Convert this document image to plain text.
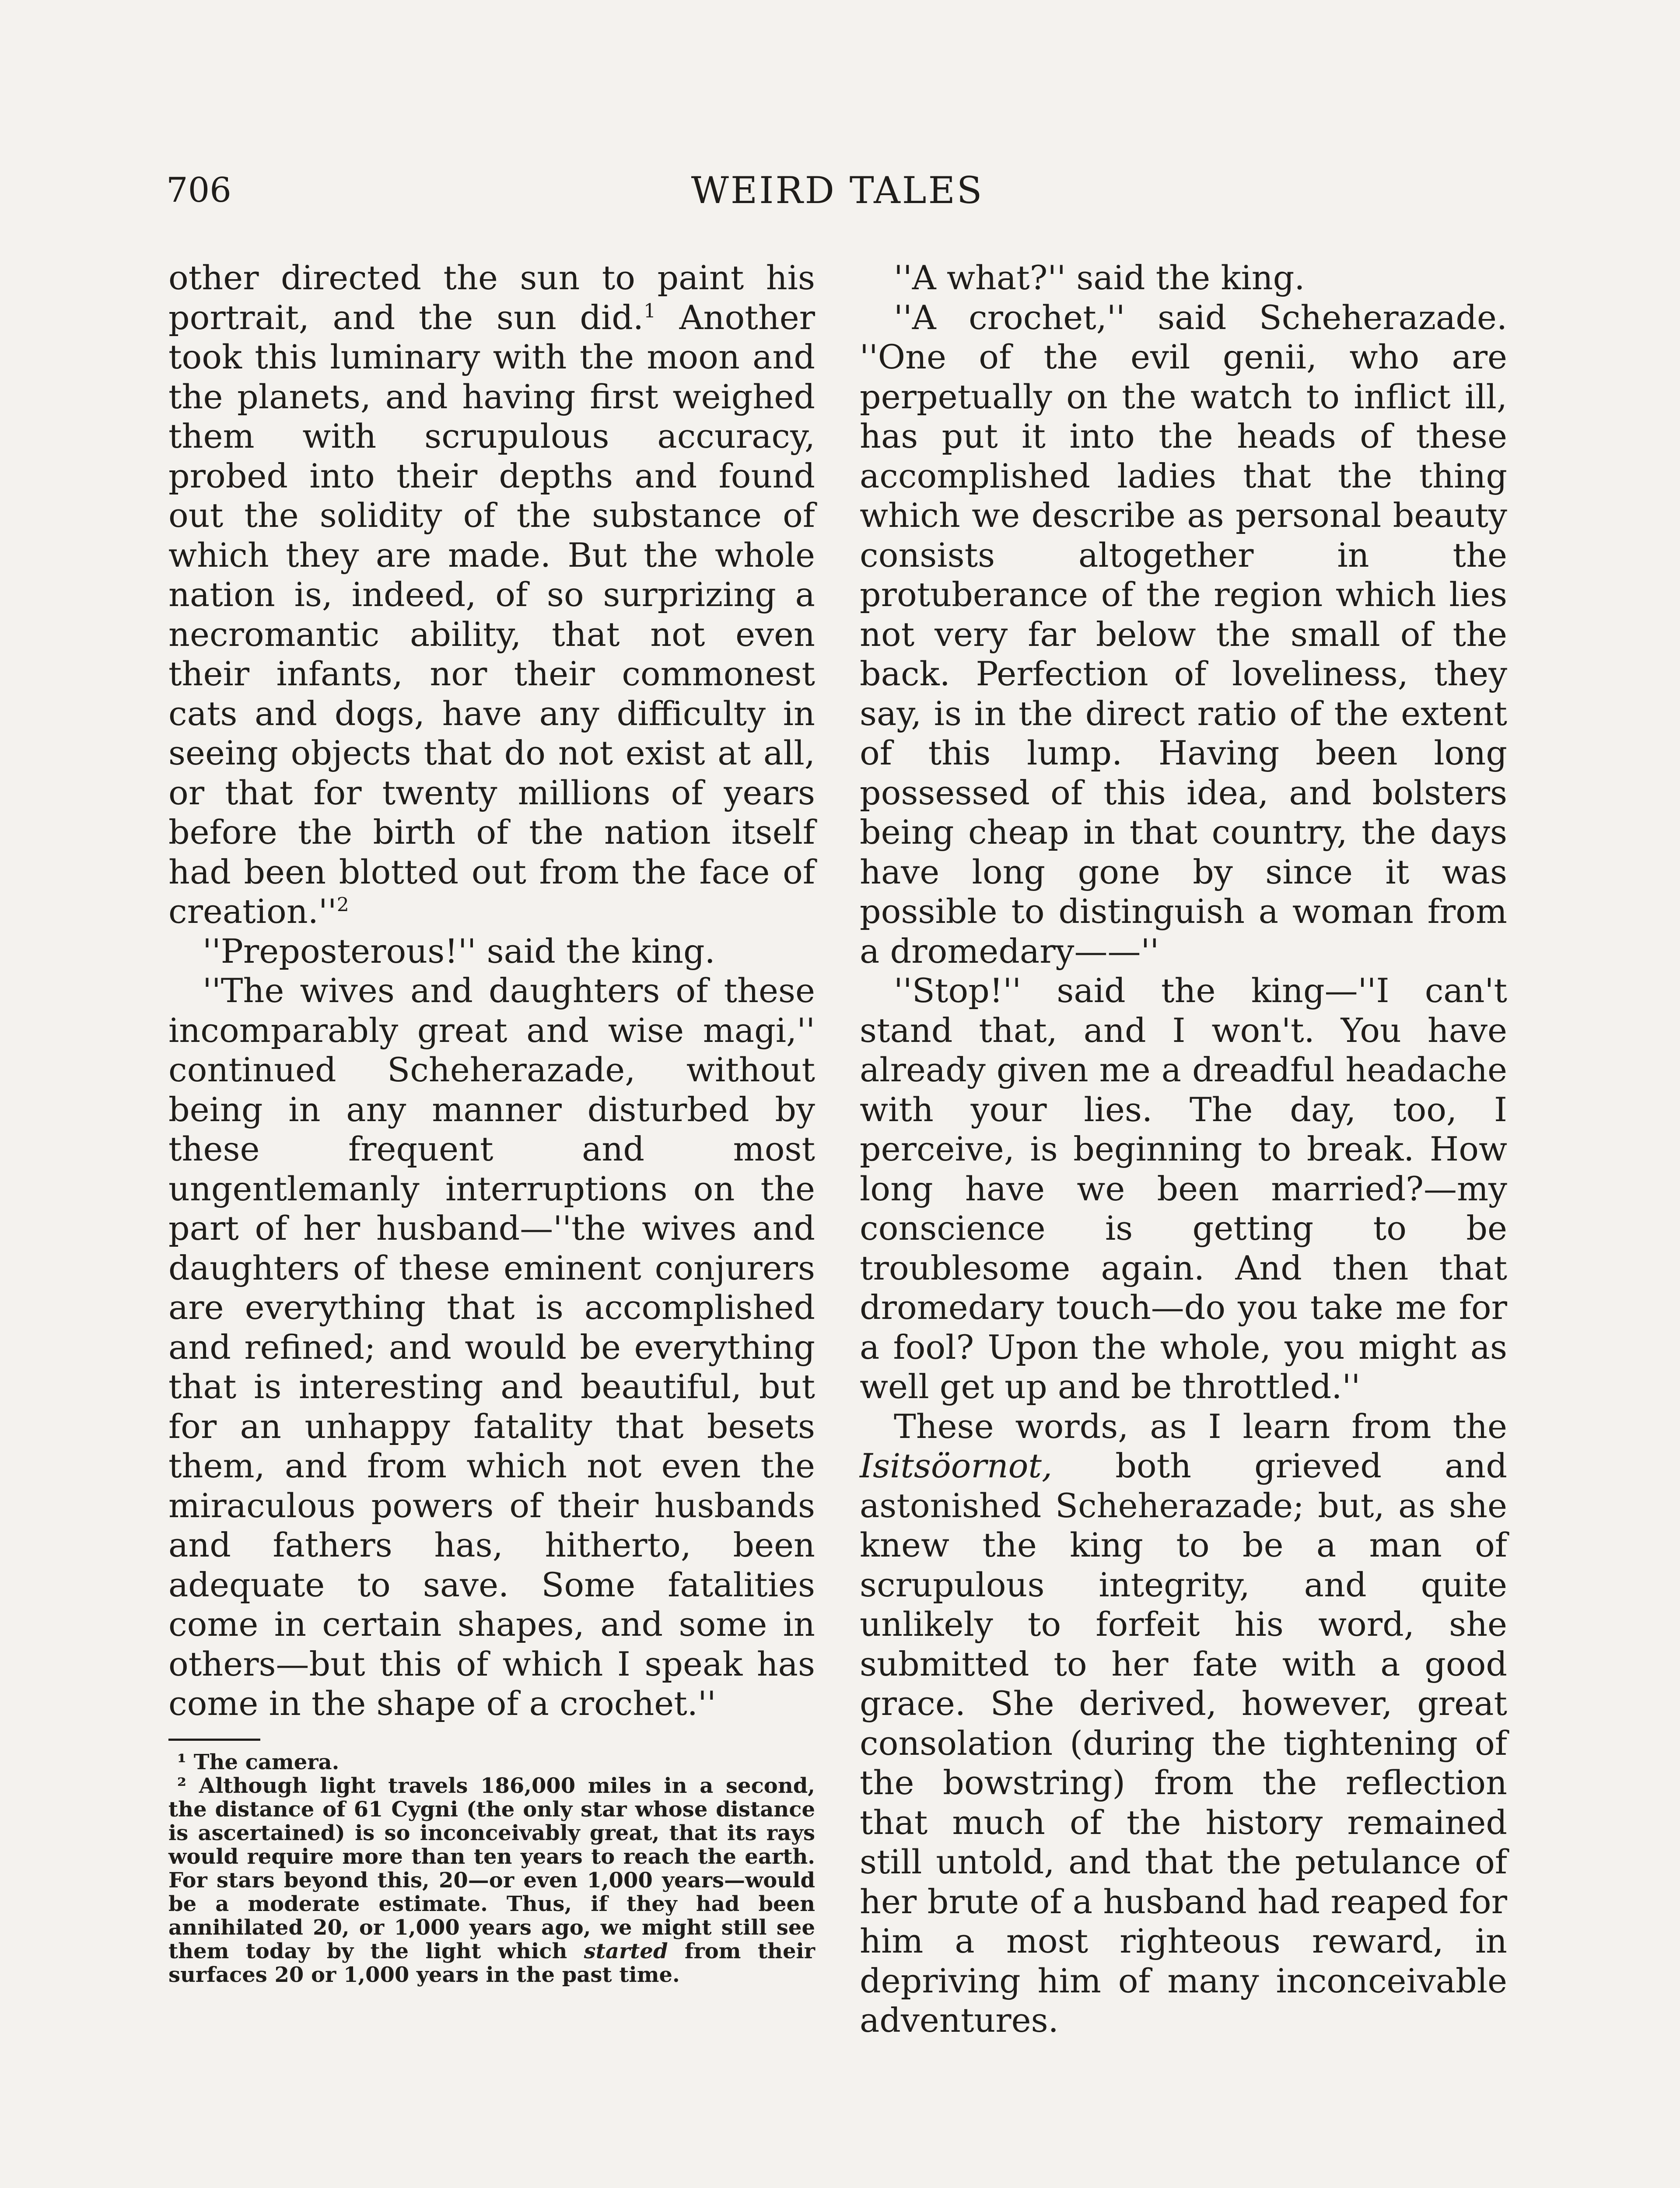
706	WEIRD TALES

other directed the sun to paint his portrait, and the sun did.$^1$ Another took this luminary with the moon and the planets, and having first weighed them with scrupulous accuracy, probed into their depths and found out the solidity of the substance of which they are made. But the whole nation is, indeed, of so surprizing a necromantic ability, that not even their infants, nor their commonest cats and dogs, have any difficulty in seeing objects that do not exist at all, or that for twenty millions of years before the birth of the nation itself had been blotted out from the face of $creation.''^2$

''Preposterous!'' said the king.

''The wives and daughters of these incomparably great and wise magi,'' continued Scheherazade, without being in any manner disturbed by these frequent and most ungentlemanly interruptions on the part of her husband—''the wives and daughters of these eminent conjurers are everything that is accomplished and refined; and would be everything that is interesting and beautiful, but for an unhappy fatality that besets them, and from which not even the miraculous powers of their husbands and fathers has, hitherto, been adequate to save. Some fatalities come in certain shapes, and some in others—but this of which I speak has come in the shape of a crochet.''

¹ The camera.

² Although light travels 186,000 miles in a second, the distance of 61 Cygni (the only star whose distance is ascertained) is so inconceivably great, that its rays would require more than ten years to reach the earth. For stars beyond this, 20—or even 1,000 years—would be a moderate estimate. Thus, if they had been annihilated 20, or 1,000 years ago, we might still see them today by the light which started from their surfaces 20 or 1,000 years in the past time.

''A what?'' said the king.

''A crochet,'' said Scheherazade. ''One of the evil genii, who are perpetually on the watch to inflict ill, has put it into the heads of these accomplished ladies that the thing which we describe as personal beauty consists altogether in the protuberance of the region which lies not very far below the small of the back. Perfection of loveliness, they say, is in the direct ratio of the extent of this lump. Having been long possessed of this idea, and bolsters being cheap in that country, the days have long gone by since it was possible to distinguish a woman from a dromedary——''

''Stop!'' said the king—''I can't stand that, and I won't. You have already given me a dreadful headache with your lies. The day, too, I perceive, is beginning to break. How long have we been married?—my conscience is getting to be troublesome again. And then that dromedary touch—do you take me for a fool? Upon the whole, you might as well get up and be throttled.''

These words, as I learn from the Isitsöornot, both grieved and astonished Scheherazade; but, as she knew the king to be a man of scrupulous integrity, and quite unlikely to forfeit his word, she submitted to her fate with a good grace. She derived, however, great consolation (during the tightening of the bowstring) from the reflection that much of the history remained still untold, and that the petulance of her brute of a husband had reaped for him a most righteous reward, in depriving him of many inconceivable adventures.
